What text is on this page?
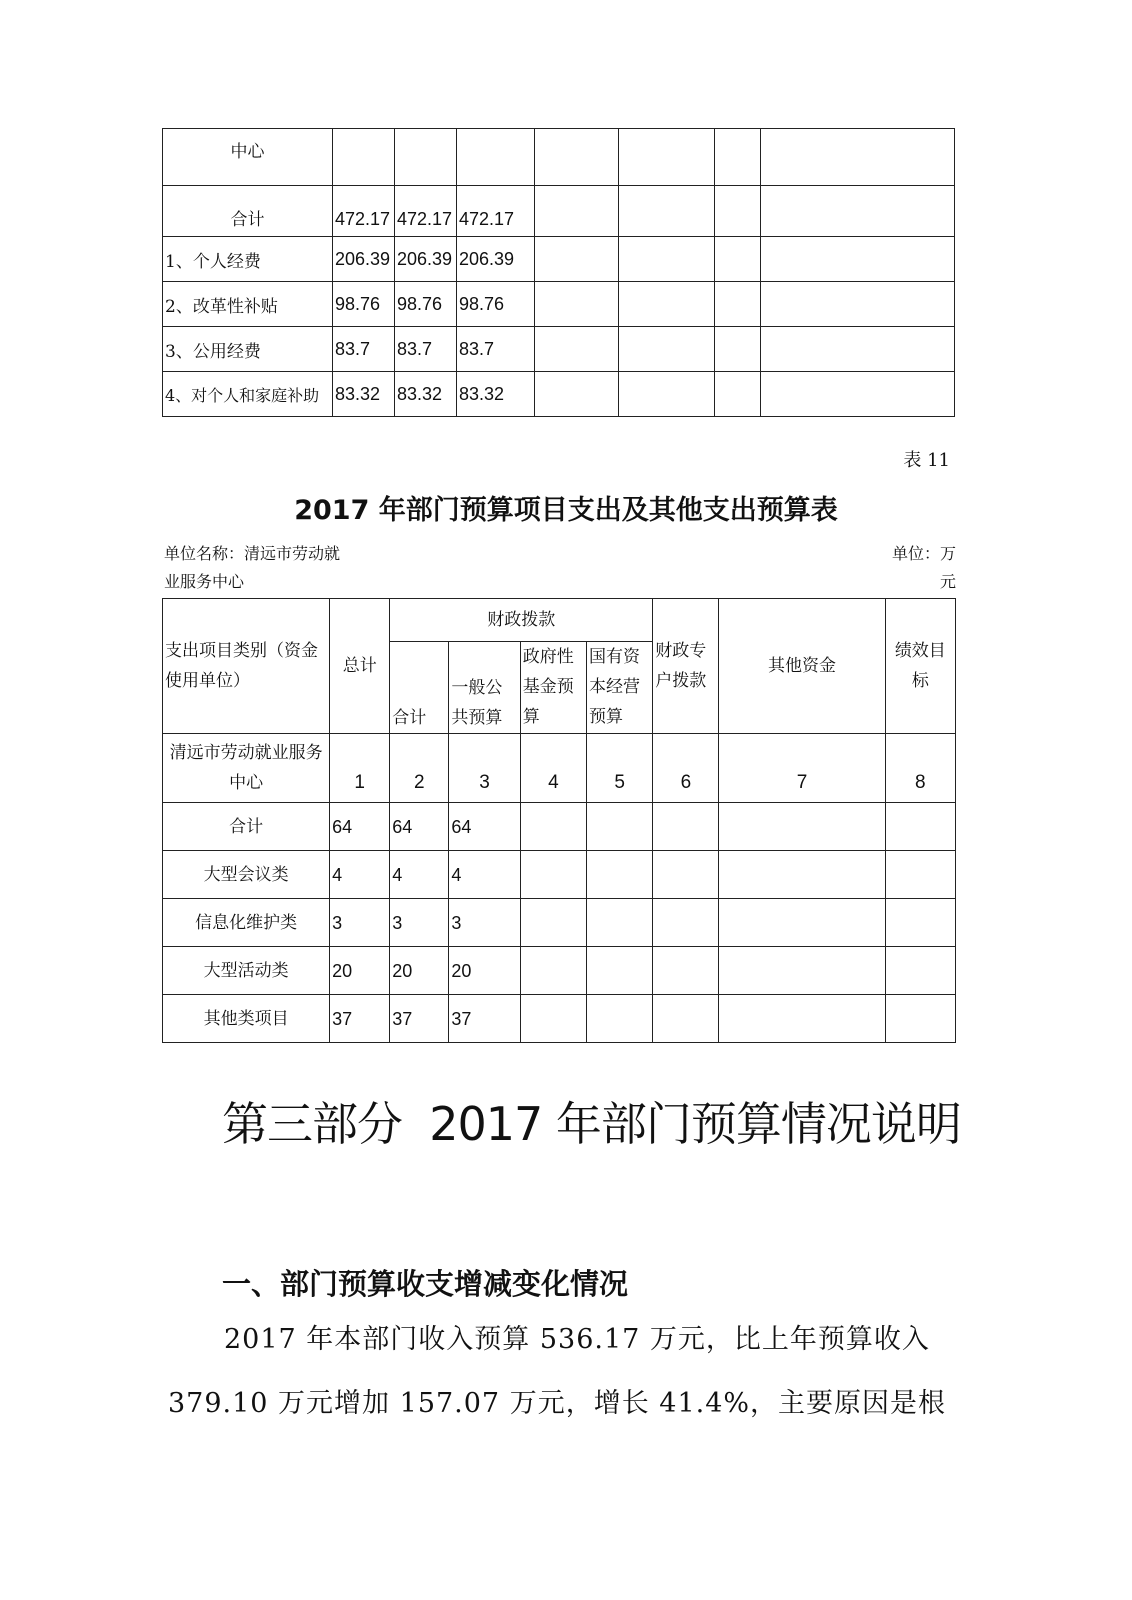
中心							
合计	472.17	472.17	472.17				
1、个人经费	206.39	206.39	206.39				
2、改革性补贴	98.76	98.76	98.76				
3、公用经费	83.7	83.7	83.7				
4、对个人和家庭补助	83.32	83.32	83.32				
表 11
2017 年部门预算项目支出及其他支出预算表
单位名称：清远市劳动就业服务中心
单位：万元
支出项目类别（资金使用单位）	总计	财政拨款				财政专户拨款	其他资金	绩效目标
		合计	一般公共预算	政府性基金预算	国有资本经营预算			
清远市劳动就业服务中心	1	2	3	4	5	6	7	8
合计	64	64	64					
大型会议类	4	4	4					
信息化维护类	3	3	3					
大型活动类	20	20	20					
其他类项目	37	37	37					
第三部分  2017 年部门预算情况说明
一、部门预算收支增减变化情况
2017 年本部门收入预算 536.17 万元，比上年预算收入 379.10 万元增加 157.07 万元，增长 41.4%，主要原因是根
